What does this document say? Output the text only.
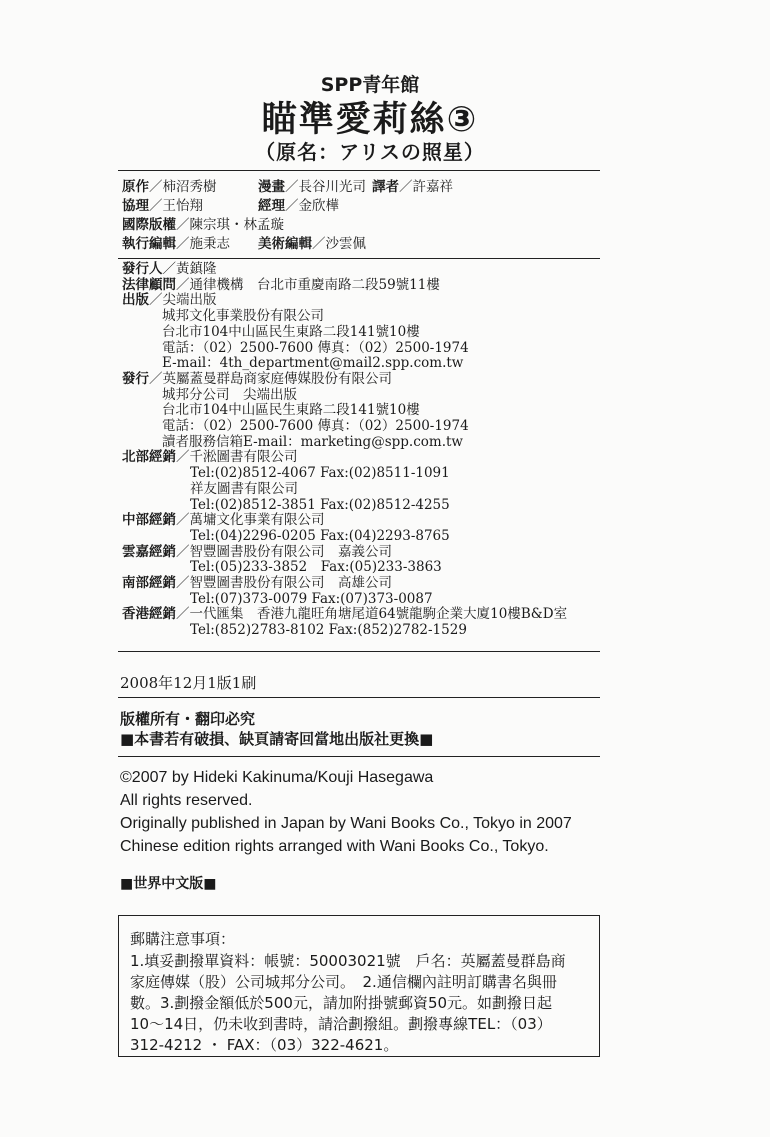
SPP青年館
瞄準愛莉絲③
（原名：アリスの照星）
原作／柿沼秀樹	漫畫／長谷川光司 譯者／許嘉祥
協理／王怡翔	經理／金欣樺
國際版權／陳宗琪・林孟璇
執行編輯／施秉志 美術編輯／沙雲佩
發行人／黃鎮隆
法律顧問／通律機構　台北市重慶南路二段59號11樓
出版／尖端出版
城邦文化事業股份有限公司
台北市104中山區民生東路二段141號10樓
電話：（02）2500-7600 傳真：（02）2500-1974
E-mail：4th_department@mail2.spp.com.tw
發行／英屬蓋曼群島商家庭傳媒股份有限公司
城邦分公司　尖端出版
台北市104中山區民生東路二段141號10樓
電話：（02）2500-7600 傳真：（02）2500-1974
讀者服務信箱E-mail：marketing@spp.com.tw
北部經銷／千淞圖書有限公司
Tel:(02)8512-4067 Fax:(02)8511-1091
祥友圖書有限公司
Tel:(02)8512-3851 Fax:(02)8512-4255
中部經銷／萬墉文化事業有限公司
Tel:(04)2296-0205 Fax:(04)2293-8765
雲嘉經銷／智豐圖書股份有限公司　嘉義公司
Tel:(05)233-3852　Fax:(05)233-3863
南部經銷／智豐圖書股份有限公司　高雄公司
Tel:(07)373-0079 Fax:(07)373-0087
香港經銷／一代匯集　香港九龍旺角塘尾道64號龍駒企業大廈10樓B&D室
Tel:(852)2783-8102 Fax:(852)2782-1529
2008年12月1版1刷
版權所有・翻印必究
■本書若有破損、缺頁請寄回當地出版社更換■
©2007 by Hideki Kakinuma/Kouji Hasegawa
All rights reserved.
Originally published in Japan by Wani Books Co., Tokyo in 2007
Chinese edition rights arranged with Wani Books Co., Tokyo.
■世界中文版■
郵購注意事項：
1.填妥劃撥單資料：帳號：50003021號　戶名：英屬蓋曼群島商
家庭傳媒（股）公司城邦分公司。　2.通信欄內註明訂購書名與冊
數。3.劃撥金額低於500元，請加附掛號郵資50元。如劃撥日起
10～14日，仍未收到書時，請洽劃撥組。劃撥專線TEL：（03）
312-4212 ・ FAX：（03）322-4621。
